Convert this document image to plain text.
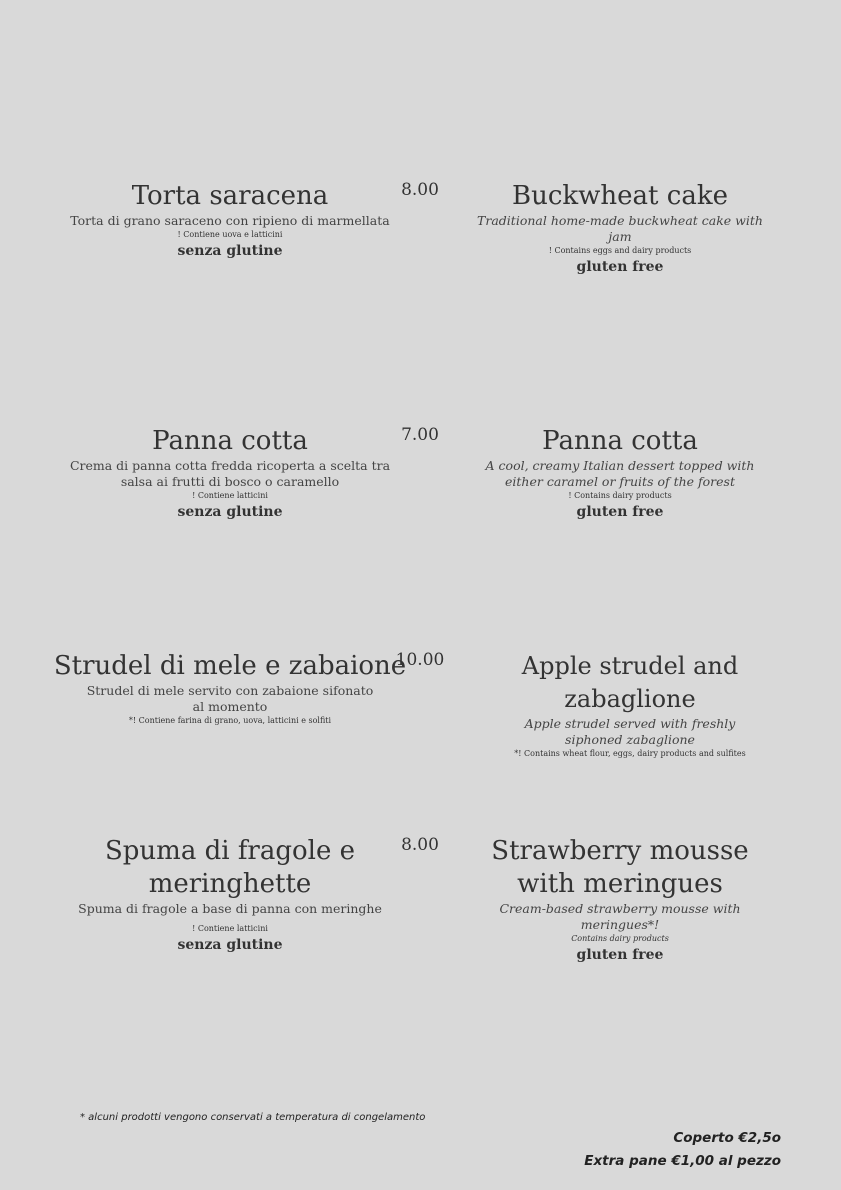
Torta saracena
Torta di grano saraceno con ripieno di marmellata
! Contiene uova e latticini
senza glutine
8.00	Buckwheat cake
Traditional home-made buckwheat cake with jam
! Contains eggs and dairy products
gluten free
Panna cotta
Crema di panna cotta fredda ricoperta a scelta tra salsa ai frutti di bosco o caramello
! Contiene latticini
senza glutine
7.00	Panna cotta
A cool, creamy Italian dessert topped with either caramel or fruits of the forest
! Contains dairy products
gluten free
Strudel di mele e zabaione
Strudel di mele servito con zabaione sifonato al momento
*! Contiene farina di grano, uova, latticini e solfiti
10.00	Apple strudel and zabaglione
Apple strudel served with freshly siphoned zabaglione
*! Contains wheat flour, eggs, dairy products and sulfites
Spuma di fragole e meringhette
Spuma di fragole a base di panna con meringhe
! Contiene latticini
senza glutine
8.00	Strawberry mousse with meringues
Cream-based strawberry mousse with meringues*!
Contains dairy products
gluten free
* alcuni prodotti vengono conservati a temperatura di congelamento
Coperto €2,5o
Extra pane €1,00 al pezzo
